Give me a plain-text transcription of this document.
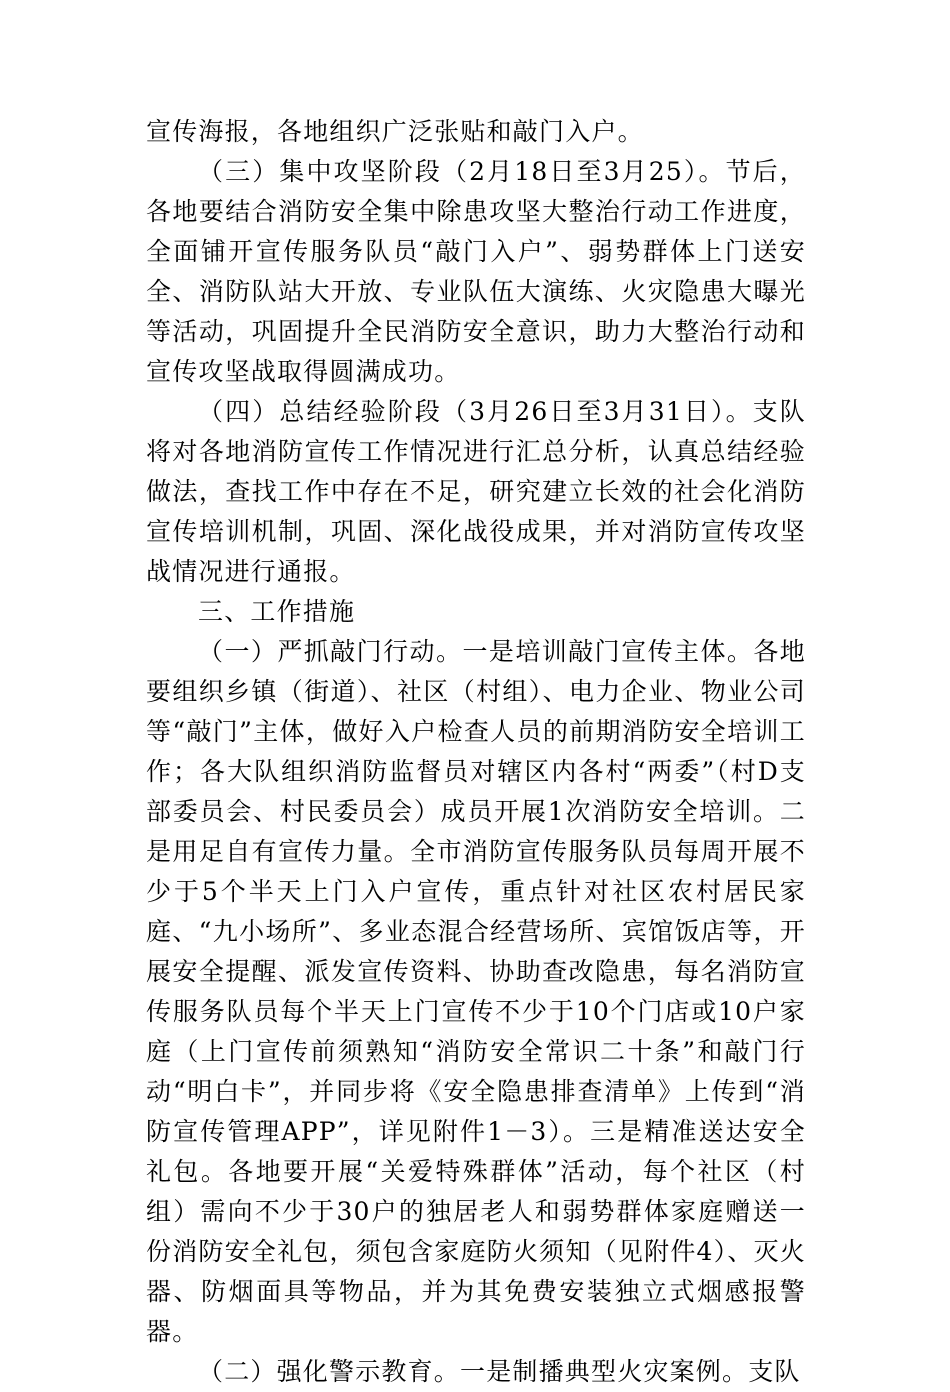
宣传海报，各地组织广泛张贴和敲门入户。

（三）集中攻坚阶段（2月18日至3月25）。节后，各地要结合消防安全集中除患攻坚大整治行动工作进度，全面铺开宣传服务队员“敲门入户”、弱势群体上门送安全、消防队站大开放、专业队伍大演练、火灾隐患大曝光等活动，巩固提升全民消防安全意识，助力大整治行动和宣传攻坚战取得圆满成功。

（四）总结经验阶段（3月26日至3月31日）。支队将对各地消防宣传工作情况进行汇总分析，认真总结经验做法，查找工作中存在不足，研究建立长效的社会化消防宣传培训机制，巩固、深化战役成果，并对消防宣传攻坚战情况进行通报。

三、工作措施

（一）严抓敲门行动。一是培训敲门宣传主体。各地要组织乡镇（街道）、社区（村组）、电力企业、物业公司等“敲门”主体，做好入户检查人员的前期消防安全培训工作；各大队组织消防监督员对辖区内各村“两委”（村D支部委员会、村民委员会）成员开展1次消防安全培训。二是用足自有宣传力量。全市消防宣传服务队员每周开展不少于5个半天上门入户宣传，重点针对社区农村居民家庭、“九小场所”、多业态混合经营场所、宾馆饭店等，开展安全提醒、派发宣传资料、协助查改隐患，每名消防宣传服务队员每个半天上门宣传不少于10个门店或10户家庭（上门宣传前须熟知“消防安全常识二十条”和敲门行动“明白卡”，并同步将《安全隐患排查清单》上传到“消防宣传管理APP”，详见附件1－3）。三是精准送达安全礼包。各地要开展“关爱特殊群体”活动，每个社区（村组）需向不少于30户的独居老人和弱势群体家庭赠送一份消防安全礼包，须包含家庭防火须知（见附件4）、灭火器、防烟面具等物品，并为其免费安装独立式烟感报警器。

（二）强化警示教育。一是制播典型火灾案例。支队
